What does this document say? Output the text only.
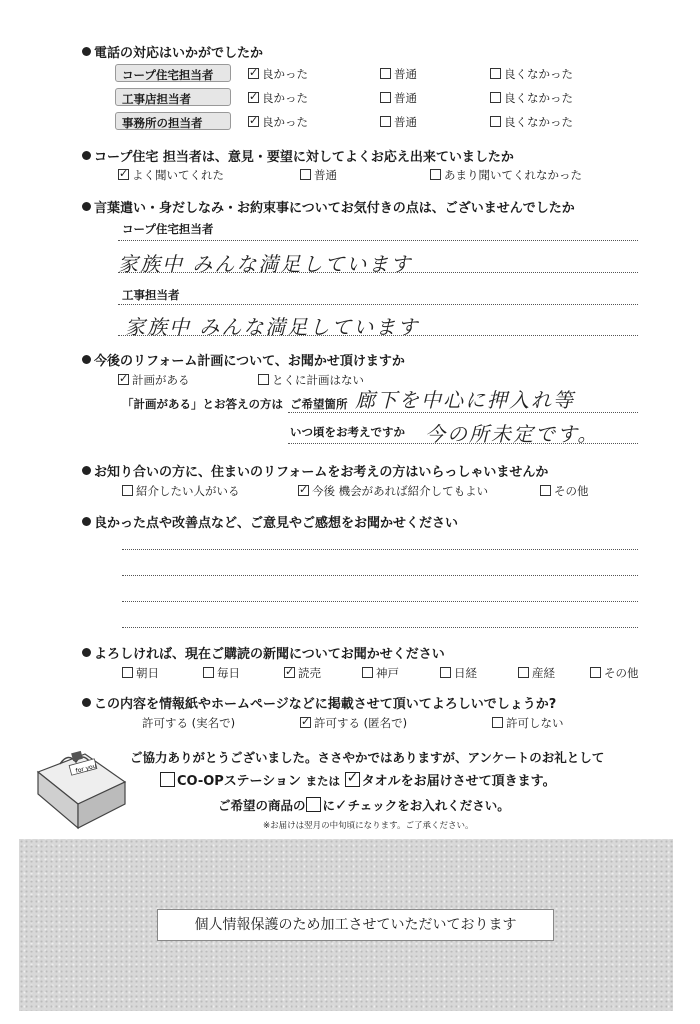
電話の対応はいかがでしたか
コープ住宅担当者 ✓	良かった	普通	良くなかった
工事店担当者 ✓	良かった	普通	良くなかった
事務所の担当者 ✓	良かった	普通	良くなかった
コープ住宅 担当者は、意見・要望に対してよくお応え出来ていましたか
✓よく聞いてくれた	普通	あまり聞いてくれなかった
言葉遣い・身だしなみ・お約束事についてお気付きの点は、ございませんでしたか
コープ住宅担当者
家族中 みんな満足しています
工事担当者
家族中 みんな満足しています
今後のリフォーム計画について、お聞かせ頂けますか
✓計画がある	とくに計画はない
「計画がある」とお答えの方は ご希望箇所 廊下を中心に押入れ等
いつ頃をお考えですか 今の所未定です。
お知り合いの方に、住まいのリフォームをお考えの方はいらっしゃいませんか
紹介したい人がいる ✓	今後 機会があれば紹介してもよい	その他
良かった点や改善点など、ご意見やご感想をお聞かせください
よろしければ、現在ご購読の新聞についてお聞かせください
朝日	毎日 ✓	読売	神戸	日経	産経	その他
この内容を情報紙やホームページなどに掲載させて頂いてよろしいでしょうか?
許可する (実名で) ✓	許可する (匿名で)	許可しない
for you
ご協力ありがとうございました。ささやかではありますが、アンケートのお礼として
CO-OPステーション または ✓ タオルをお届けさせて頂きます。
ご希望の商品の に✓チェックをお入れください。
※お届けは翌月の中旬頃になります。ご了承ください。
個人情報保護のため加工させていただいております
